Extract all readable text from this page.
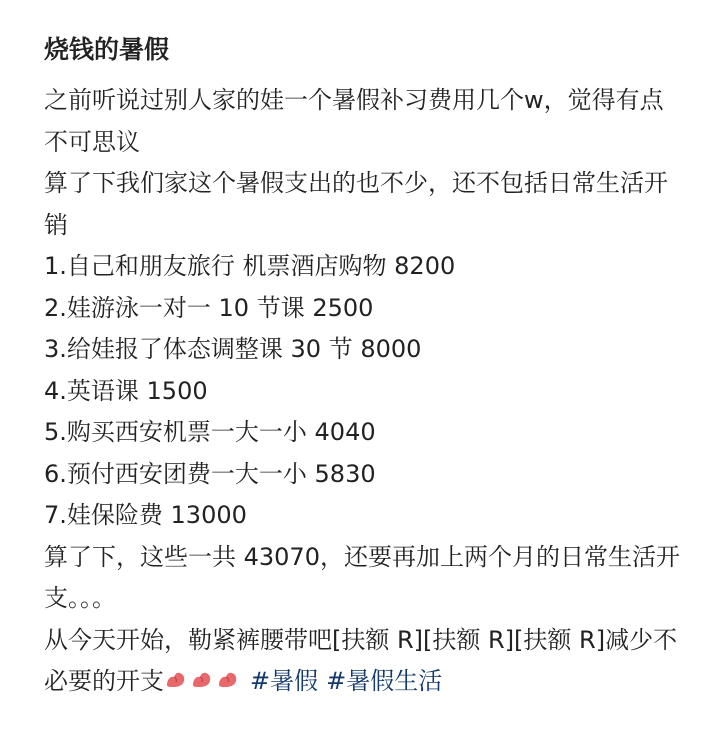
烧钱的暑假

之前听说过别人家的娃一个暑假补习费用几个w，觉得有点不可思议

算了下我们家这个暑假支出的也不少，还不包括日常生活开销

1.自己和朋友旅行 机票酒店购物 8200
2.娃游泳一对一 10 节课 2500
3.给娃报了体态调整课 30 节 8000
4.英语课 1500
5.购买西安机票一大一小 4040
6.预付西安团费一大一小 5830
7.娃保险费 13000

算了下，这些一共 43070，还要再加上两个月的日常生活开支。。。

从今天开始，勒紧裤腰带吧[扶额 R][扶额 R][扶额 R]减少不必要的开支	#暑假 #暑假生活
